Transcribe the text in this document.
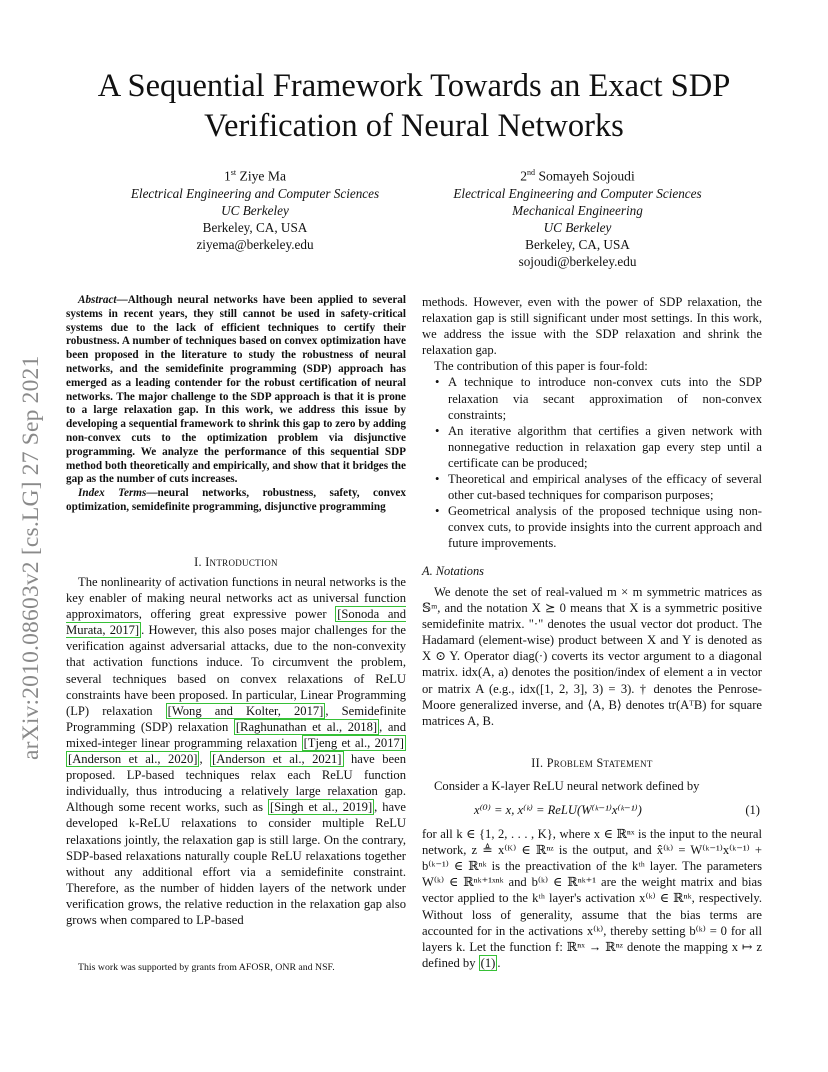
arXiv:2010.08603v2 [cs.LG] 27 Sep 2021
A Sequential Framework Towards an Exact SDP
Verification of Neural Networks
1st Ziye Ma
Electrical Engineering and Computer Sciences
UC Berkeley
Berkeley, CA, USA
ziyema@berkeley.edu
2nd Somayeh Sojoudi
Electrical Engineering and Computer Sciences
Mechanical Engineering
UC Berkeley
Berkeley, CA, USA
sojoudi@berkeley.edu

Abstract—Although neural networks have been applied to several systems in recent years, they still cannot be used in safety-critical systems due to the lack of efficient techniques to certify their robustness. A number of techniques based on convex optimization have been proposed in the literature to study the robustness of neural networks, and the semidefinite programming (SDP) approach has emerged as a leading contender for the robust certification of neural networks. The major challenge to the SDP approach is that it is prone to a large relaxation gap. In this work, we address this issue by developing a sequential framework to shrink this gap to zero by adding non-convex cuts to the optimization problem via disjunctive programming. We analyze the performance of this sequential SDP method both theoretically and empirically, and show that it bridges the gap as the number of cuts increases.

Index Terms—neural networks, robustness, safety, convex optimization, semidefinite programming, disjunctive programming

I. Introduction

The nonlinearity of activation functions in neural networks is the key enabler of making neural networks act as universal function approximators, offering great expressive power [Sonoda and Murata, 2017] . However, this also poses major challenges for the verification against adversarial attacks, due to the non-convexity that activation functions induce. To circumvent the problem, several techniques based on convex relaxations of ReLU constraints have been proposed. In particular, Linear Programming (LP) relaxation [Wong and Kolter, 2017] , Semidefinite Programming (SDP) relaxation [Raghunathan et al., 2018] , and mixed-integer linear programming relaxation [Tjeng et al., 2017] [Anderson et al., 2020] , [Anderson et al., 2021] have been proposed. LP-based techniques relax each ReLU function individually, thus introducing a relatively large relaxation gap. Although some recent works, such as [Singh et al., 2019] , have developed k-ReLU relaxations to consider multiple ReLU relaxations jointly, the relaxation gap is still large. On the contrary, SDP-based relaxations naturally couple ReLU relaxations together without any additional effort via a semidefinite constraint. Therefore, as the number of hidden layers of the network under verification grows, the relative reduction in the relaxation gap also grows when compared to LP-based

This work was supported by grants from AFOSR, ONR and NSF.

methods. However, even with the power of SDP relaxation, the relaxation gap is still significant under most settings. In this work, we address the issue with the SDP relaxation and shrink the relaxation gap.

The contribution of this paper is four-fold:

• A technique to introduce non-convex cuts into the SDP relaxation via secant approximation of non-convex constraints;
• An iterative algorithm that certifies a given network with nonnegative reduction in relaxation gap every step until a certificate can be produced;
• Theoretical and empirical analyses of the efficacy of several other cut-based techniques for comparison purposes;
• Geometrical analysis of the proposed technique using non-convex cuts, to provide insights into the current approach and future improvements.
A. Notations

We denote the set of real-valued m × m symmetric matrices as 𝕊ᵐ, and the notation X ⪰ 0 means that X is a symmetric positive semidefinite matrix. "·" denotes the usual vector dot product. The Hadamard (element-wise) product between X and Y is denoted as X ⊙ Y. Operator diag(·) coverts its vector argument to a diagonal matrix. idx(A, a) denotes the position/index of element a in vector or matrix A (e.g., idx([1, 2, 3], 3) = 3). † denotes the Penrose-Moore generalized inverse, and ⟨A, B⟩ denotes tr(AᵀB) for square matrices A, B.

II. Problem Statement

Consider a K-layer ReLU neural network defined by

x⁽⁰⁾ = x, x⁽ᵏ⁾ = ReLU(W⁽ᵏ⁻¹⁾x⁽ᵏ⁻¹⁾)	(1)

for all k ∈ {1, 2, . . . , K}, where x ∈ ℝⁿˣ is the input to the neural network, z ≜ x⁽ᴷ⁾ ∈ ℝⁿᶻ is the output, and x̂⁽ᵏ⁾ = W⁽ᵏ⁻¹⁾x⁽ᵏ⁻¹⁾ + b⁽ᵏ⁻¹⁾ ∈ ℝⁿᵏ is the preactivation of the kᵗʰ layer. The parameters W⁽ᵏ⁾ ∈ ℝⁿᵏ⁺¹ˣⁿᵏ and b⁽ᵏ⁾ ∈ ℝⁿᵏ⁺¹ are the weight matrix and bias vector applied to the kᵗʰ layer's activation x⁽ᵏ⁾ ∈ ℝⁿᵏ, respectively. Without loss of generality, assume that the bias terms are accounted for in the activations x⁽ᵏ⁾, thereby setting b⁽ᵏ⁾ = 0 for all layers k. Let the function f: ℝⁿˣ → ℝⁿᶻ denote the mapping x ↦ z defined by (1) .
